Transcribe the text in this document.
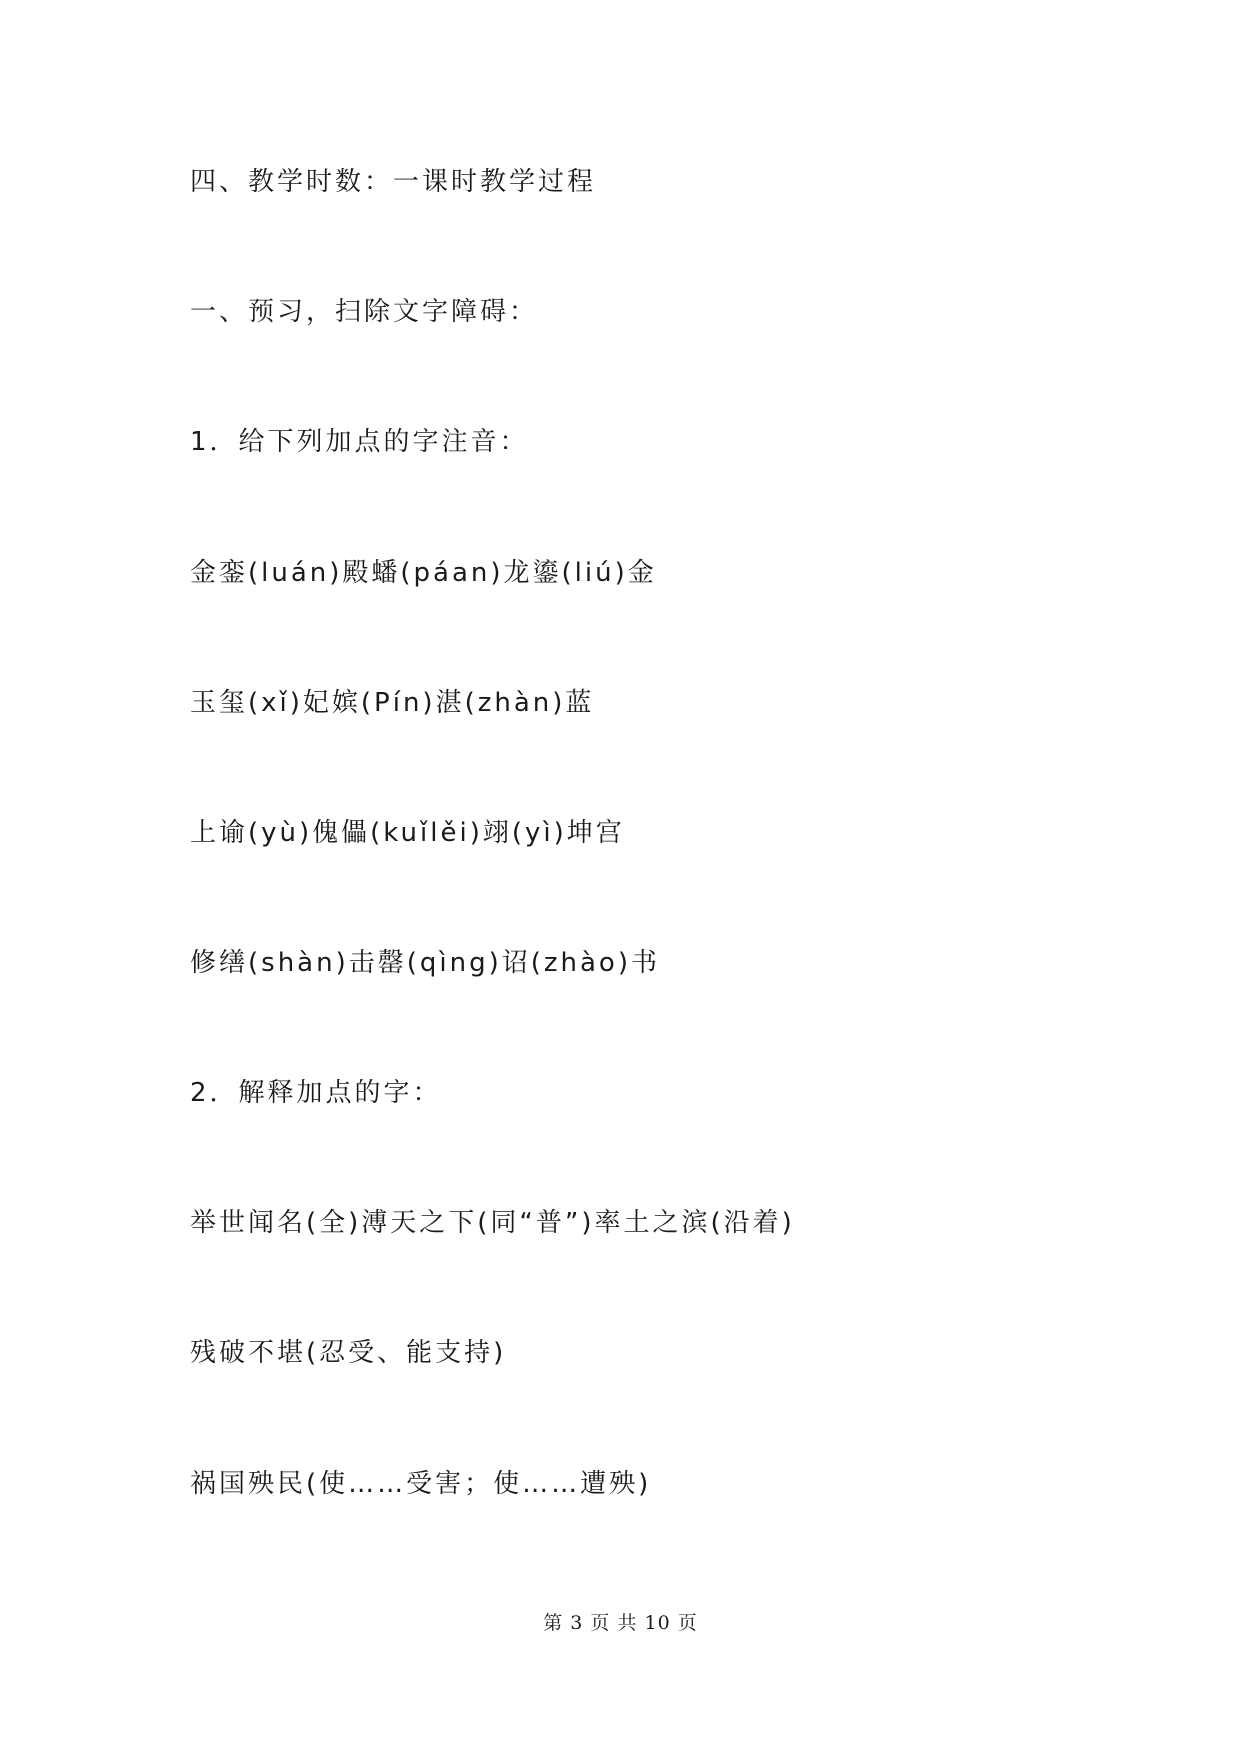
四、教学时数：一课时教学过程

一、预习，扫除文字障碍：

1．给下列加点的字注音：

金銮(luán)殿蟠(páan)龙鎏(liú)金

玉玺(xǐ)妃嫔(Pín)湛(zhàn)蓝

上谕(yù)傀儡(kuǐlěi)翊(yì)坤宫

修缮(shàn)击罄(qìng)诏(zhào)书

2．解释加点的字：

举世闻名(全)溥天之下(同“普”)率土之滨(沿着)

残破不堪(忍受、能支持)

祸国殃民(使……受害；使……遭殃)

第 3 页 共 10 页
